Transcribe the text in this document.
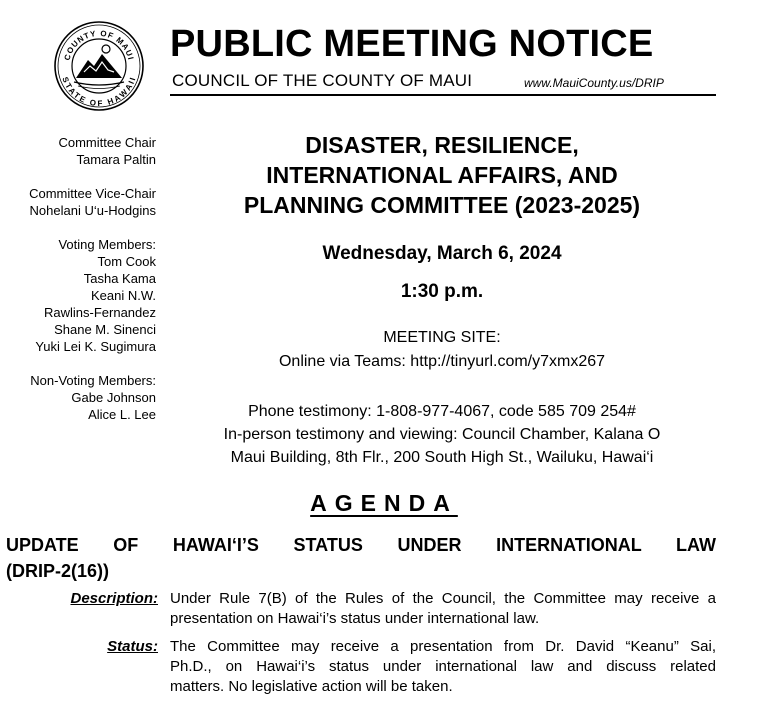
COUNTY OF MAUI
STATE OF HAWAII
PUBLIC MEETING NOTICE
COUNCIL OF THE COUNTY OF MAUI	www.MauiCounty.us/DRIP
Committee Chair
Tamara Paltin
Committee Vice-Chair
Nohelani U‘u-Hodgins
Voting Members:
Tom Cook
Tasha Kama
Keani N.W.
Rawlins-Fernandez
Shane M. Sinenci
Yuki Lei K. Sugimura
Non-Voting Members:
Gabe Johnson
Alice L. Lee
DISASTER, RESILIENCE,
INTERNATIONAL AFFAIRS, AND
PLANNING COMMITTEE (2023-2025)
Wednesday, March 6, 2024
1:30 p.m.
MEETING SITE:
Online via Teams: http://tinyurl.com/y7xmx267
Phone testimony: 1-808-977-4067, code 585 709 254#
In-person testimony and viewing: Council Chamber, Kalana O
Maui Building, 8th Flr., 200 South High St., Wailuku, Hawai‘i
AGENDA
UPDATE OF HAWAI‘I’S STATUS UNDER INTERNATIONAL LAW
(DRIP-2(16))
Description: Under Rule 7(B) of the Rules of the Council, the Committee may receive a
presentation on Hawai‘i’s status under international law.
Status: The Committee may receive a presentation from Dr. David “Keanu” Sai,
Ph.D., on Hawai‘i’s status under international law and discuss related
matters. No legislative action will be taken.
